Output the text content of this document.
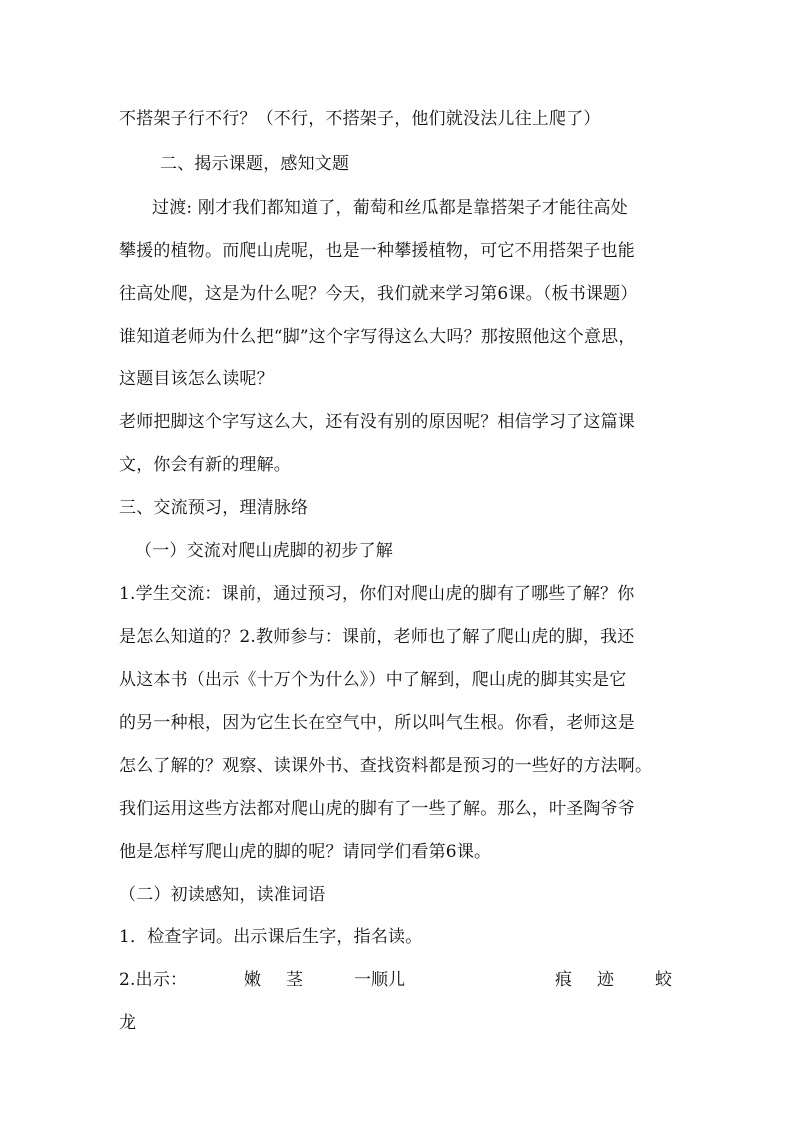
不搭架子行不行？（不行，不搭架子，他们就没法儿往上爬了）
二、揭示课题，感知文题
过渡: 刚才我们都知道了，葡萄和丝瓜都是靠搭架子才能往高处
攀援的植物。而爬山虎呢，也是一种攀援植物，可它不用搭架子也能
往高处爬，这是为什么呢？今天，我们就来学习第6课。（板书课题）
谁知道老师为什么把“脚”这个字写得这么大吗？那按照他这个意思，
这题目该怎么读呢？
老师把脚这个字写这么大，还有没有别的原因呢？相信学习了这篇课
文，你会有新的理解。
三、交流预习，理清脉络
（一）交流对爬山虎脚的初步了解
1.学生交流：课前，通过预习，你们对爬山虎的脚有了哪些了解？你
是怎么知道的？2.教师参与：课前，老师也了解了爬山虎的脚，我还
从这本书（出示《十万个为什么》）中了解到，爬山虎的脚其实是它
的另一种根，因为它生长在空气中，所以叫气生根。你看，老师这是
怎么了解的？观察、读课外书、查找资料都是预习的一些好的方法啊。
我们运用这些方法都对爬山虎的脚有了一些了解。那么，叶圣陶爷爷
他是怎样写爬山虎的脚的呢？请同学们看第6课。
（二）初读感知，读准词语
1．检查字词。出示课后生字，指名读。
2.出示：	嫩 茎	一顺儿	痕 迹 蛟
龙
